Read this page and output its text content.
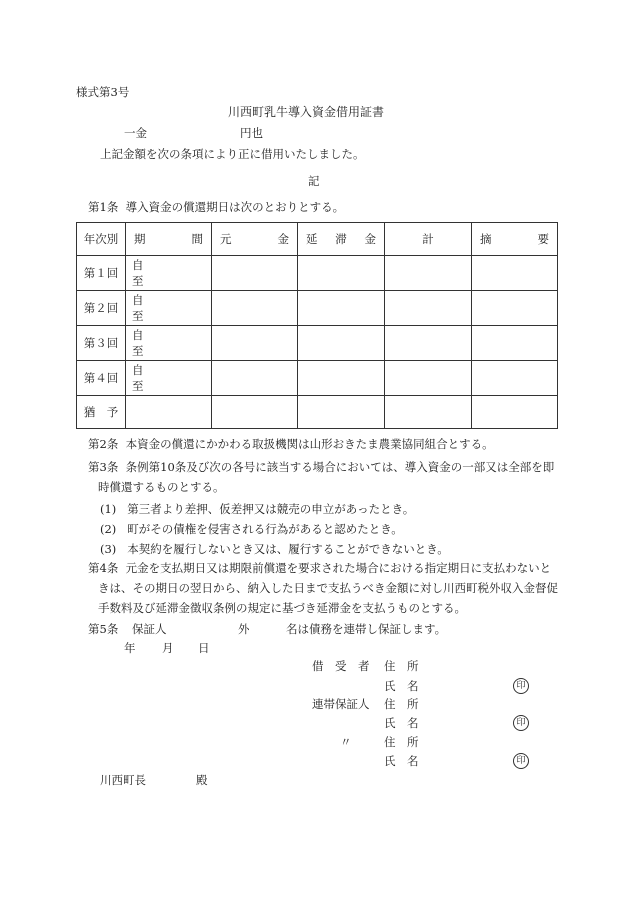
様式第3号
川西町乳牛導入資金借用証書
一金	円也
上記金額を次の条項により正に借用いたしました。
記
第1条 導入資金の償還期日は次のとおりとする。
年次別	期 間	元 金	延 滞 金	計	摘 要

第１回	自
至				

第２回	自
至				

第３回	自
至				

第４回	自
至				

猶　予					
第2条 本資金の償還にかかわる取扱機関は山形おきたま農業協同組合とする。
第3条 条例第10条及び次の各号に該当する場合においては、導入資金の一部又は全部を即時償還するものとする。
(1) 第三者より差押、仮差押又は競売の申立があったとき。
(2) 町がその債権を侵害される行為があると認めたとき。
(3) 本契約を履行しないとき又は、履行することができないとき。
第4条 元金を支払期日又は期限前償還を要求された場合における指定期日に支払わないときは、その期日の翌日から、納入した日まで支払うべき金額に対し川西町税外収入金督促手数料及び延滞金徴収条例の規定に基づき延滞金を支払うものとする。
第5条 保証人	外	名は債務を連帯し保証します。
年 月 日
借　受　者 住　所
氏　名	印
連帯保証人 住　所
氏　名	印
〃	住　所
氏　名	印
川西町長	殿
